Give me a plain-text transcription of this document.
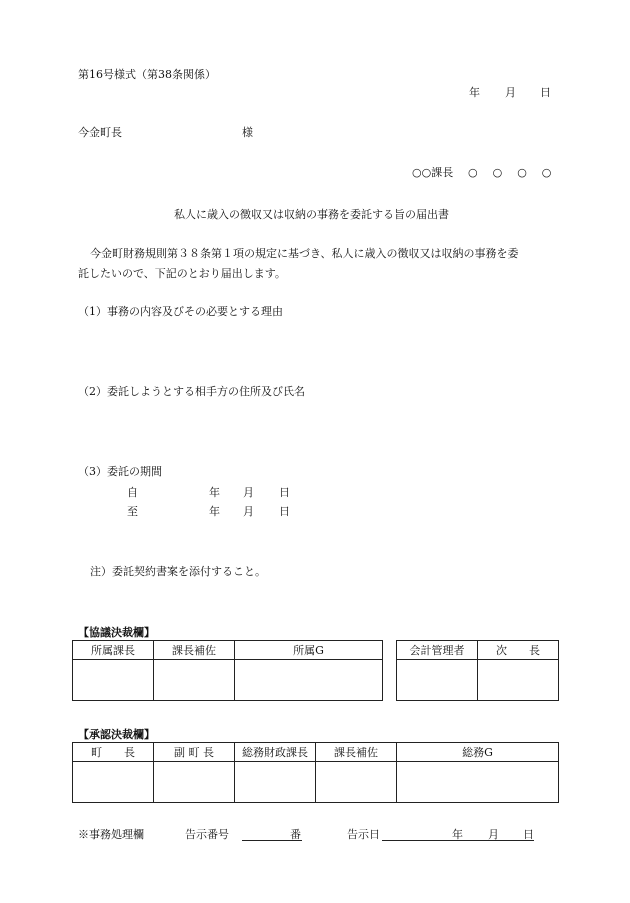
第16号様式（第38条関係）
年 月 日
今金町長	様
○○課長 ○　○　○　○
私人に歳入の徴収又は収納の事務を委託する旨の届出書
今金町財務規則第３８条第１項の規定に基づき、私人に歳入の徴収又は収納の事務を委
託したいので、下記のとおり届出します。
（1）事務の内容及びその必要とする理由
（2）委託しようとする相手方の住所及び氏名
（3）委託の期間
自	年 月 日
至	年 月 日
注）委託契約書案を添付すること。
【協議決裁欄】
所属課長	課長補佐	所属G		会計管理者	次　　長

【承認決裁欄】
町　　長	副 町 長	総務財政課長	課長補佐	総務G

※事務処理欄	告示番号	番	告示日	年 月 日
